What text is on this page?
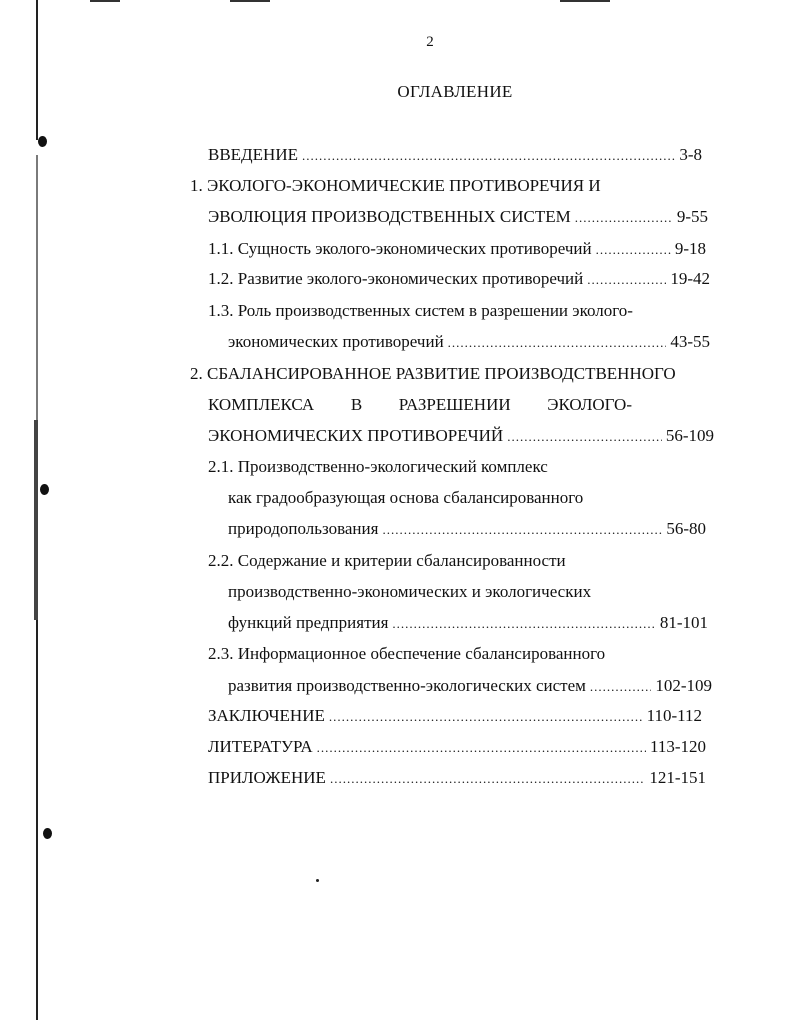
2
ОГЛАВЛЕНИЕ
ВВЕДЕНИЕ .....	3-8
1. ЭКОЛОГО-ЭКОНОМИЧЕСКИЕ ПРОТИВОРЕЧИЯ И
ЭВОЛЮЦИЯ ПРОИЗВОДСТВЕННЫХ СИСТЕМ .....	9-55
1.1. Сущность эколого-экономических противоречий .....	9-18
1.2. Развитие эколого-экономических противоречий .....	19-42
1.3. Роль производственных систем в разрешении эколого-
экономических противоречий .....	43-55
2. СБАЛАНСИРОВАННОЕ РАЗВИТИЕ ПРОИЗВОДСТВЕННОГО
КОМПЛЕКСА В РАЗРЕШЕНИИ ЭКОЛОГО-
ЭКОНОМИЧЕСКИХ ПРОТИВОРЕЧИЙ .....	56-109
2.1. Производственно-экологический комплекс
как градообразующая основа сбалансированного
природопользования .....	56-80
2.2. Содержание и критерии сбалансированности
производственно-экономических и экологических
функций предприятия .....	81-101
2.3. Информационное обеспечение сбалансированного
развития производственно-экологических систем .....	102-109
ЗАКЛЮЧЕНИЕ .....	110-112
ЛИТЕРАТУРА .....	113-120
ПРИЛОЖЕНИЕ .....	121-151
